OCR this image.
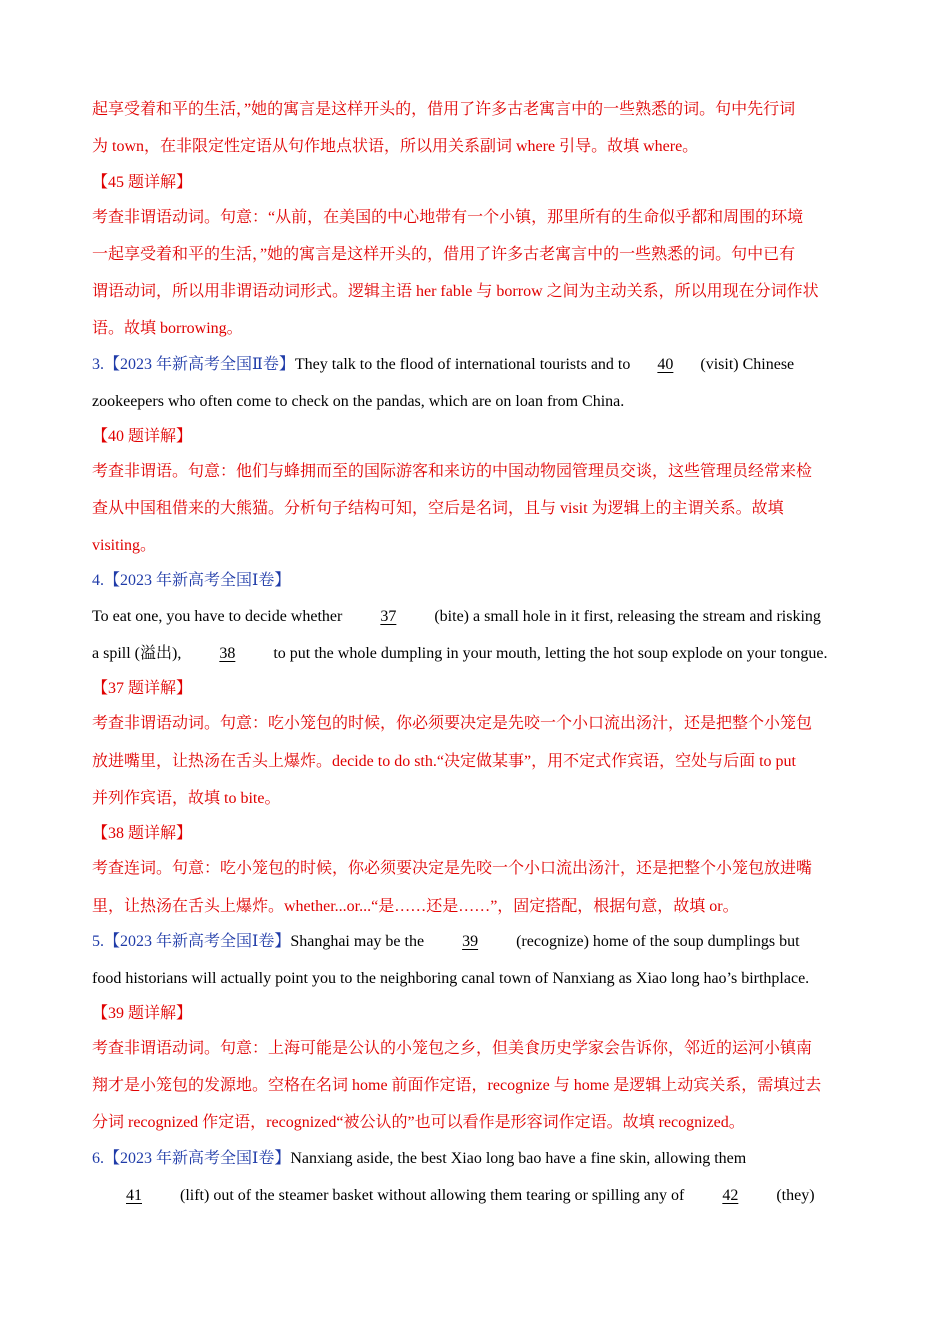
起享受着和平的生活，”她的寓言是这样开头的，借用了许多古老寓言中的一些熟悉的词。句中先行词
为 town，在非限定性定语从句作地点状语，所以用关系副词 where 引导。故填 where。
【45 题详解】
考查非谓语动词。句意：“从前，在美国的中心地带有一个小镇，那里所有的生命似乎都和周围的环境
一起享受着和平的生活，”她的寓言是这样开头的，借用了许多古老寓言中的一些熟悉的词。句中已有
谓语动词，所以用非谓语动词形式。逻辑主语 her fable 与 borrow 之间为主动关系，所以用现在分词作状
语。故填 borrowing。
3.【2023 年新高考全国Ⅱ卷】They talk to the flood of international tourists and to 40 (visit) Chinese
zookeepers who often come to check on the pandas, which are on loan from China.
【40 题详解】
考查非谓语。句意：他们与蜂拥而至的国际游客和来访的中国动物园管理员交谈，这些管理员经常来检
查从中国租借来的大熊猫。分析句子结构可知，空后是名词，且与 visit 为逻辑上的主谓关系。故填
visiting。
4.【2023 年新高考全国Ⅰ卷】
To eat one, you have to decide whether 37 (bite) a small hole in it first, releasing the stream and risking
a spill (溢出), 38 to put the whole dumpling in your mouth, letting the hot soup explode on your tongue.
【37 题详解】
考查非谓语动词。句意：吃小笼包的时候，你必须要决定是先咬一个小口流出汤汁，还是把整个小笼包
放进嘴里，让热汤在舌头上爆炸。decide to do sth.“决定做某事”，用不定式作宾语，空处与后面 to put
并列作宾语，故填 to bite。
【38 题详解】
考查连词。句意：吃小笼包的时候，你必须要决定是先咬一个小口流出汤汁，还是把整个小笼包放进嘴
里，让热汤在舌头上爆炸。whether...or...“是……还是……”，固定搭配，根据句意，故填 or。
5.【2023 年新高考全国Ⅰ卷】Shanghai may be the 39 (recognize) home of the soup dumplings but
food historians will actually point you to the neighboring canal town of Nanxiang as Xiao long hao’s birthplace.
【39 题详解】
考查非谓语动词。句意：上海可能是公认的小笼包之乡，但美食历史学家会告诉你，邻近的运河小镇南
翔才是小笼包的发源地。空格在名词 home 前面作定语，recognize 与 home 是逻辑上动宾关系，需填过去
分词 recognized 作定语，recognized“被公认的”也可以看作是形容词作定语。故填 recognized。
6.【2023 年新高考全国Ⅰ卷】Nanxiang aside, the best Xiao long bao have a fine skin, allowing them
41 (lift) out of the steamer basket without allowing them tearing or spilling any of 42 (they)
